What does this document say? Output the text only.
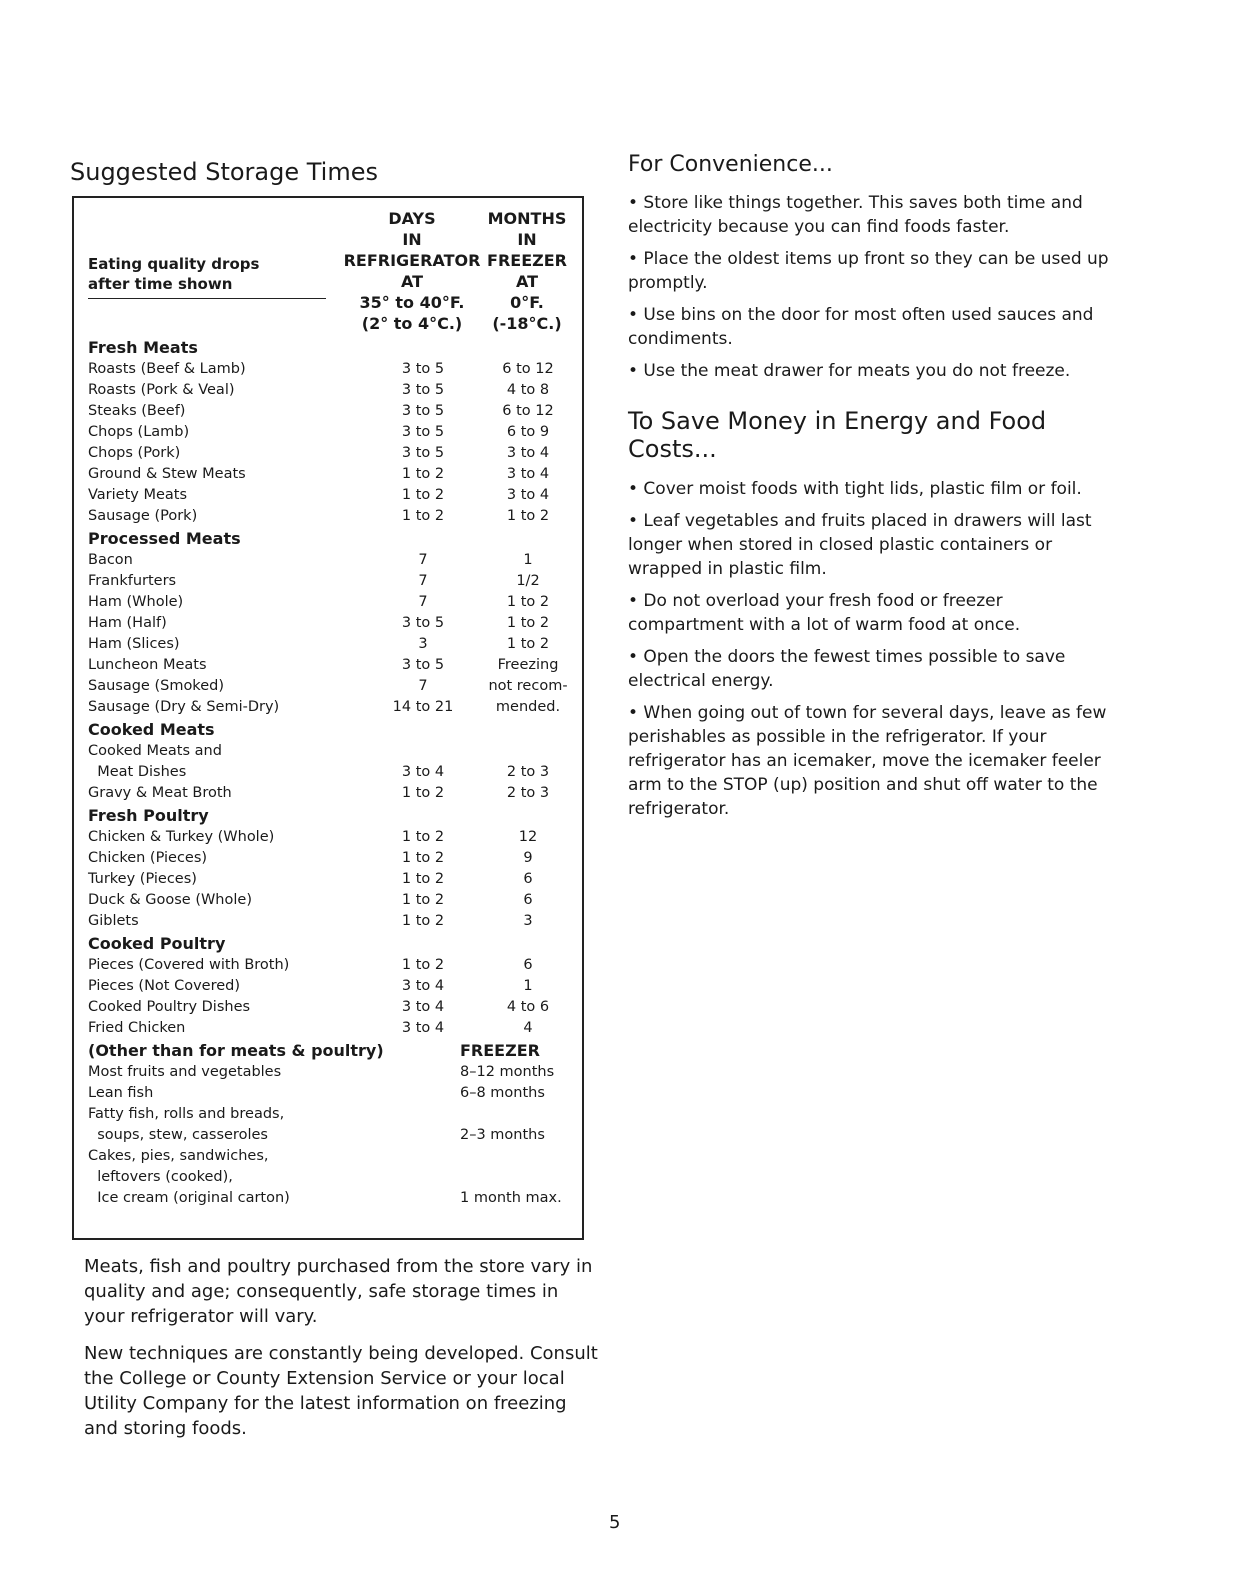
Suggested Storage Times
DAYS
IN
REFRIGERATOR
AT
35° to 40°F.
(2° to 4°C.)
MONTHS
IN
FREEZER
AT
0°F.
(-18°C.)
Eating quality drops
after time shown
Fresh Meats
Roasts (Beef & Lamb)	3 to 5	6 to 12
Roasts (Pork & Veal)	3 to 5	4 to 8
Steaks (Beef)	3 to 5	6 to 12
Chops (Lamb)	3 to 5	6 to 9
Chops (Pork)	3 to 5	3 to 4
Ground & Stew Meats	1 to 2	3 to 4
Variety Meats	1 to 2	3 to 4
Sausage (Pork)	1 to 2	1 to 2
Processed Meats
Bacon	7	1
Frankfurters	7	1/2
Ham (Whole)	7	1 to 2
Ham (Half)	3 to 5	1 to 2
Ham (Slices)	3	1 to 2
Luncheon Meats	3 to 5	Freezing
Sausage (Smoked)	7	not recom-
Sausage (Dry & Semi-Dry)	14 to 21	mended.
Cooked Meats
Cooked Meats and
Meat Dishes	3 to 4	2 to 3
Gravy & Meat Broth	1 to 2	2 to 3
Fresh Poultry
Chicken & Turkey (Whole)	1 to 2	12
Chicken (Pieces)	1 to 2	9
Turkey (Pieces)	1 to 2	6
Duck & Goose (Whole)	1 to 2	6
Giblets	1 to 2	3
Cooked Poultry
Pieces (Covered with Broth)	1 to 2	6
Pieces (Not Covered)	3 to 4	1
Cooked Poultry Dishes	3 to 4	4 to 6
Fried Chicken	3 to 4	4
(Other than for meats & poultry)	FREEZER
Most fruits and vegetables	8–12 months
Lean fish	6–8 months
Fatty fish, rolls and breads,
soups, stew, casseroles	2–3 months
Cakes, pies, sandwiches,
leftovers (cooked),
Ice cream (original carton)	1 month max.

Meats, fish and poultry purchased from the store vary in quality and age; consequently, safe storage times in your refrigerator will vary.

New techniques are constantly being developed. Consult the College or County Extension Service or your local Utility Company for the latest information on freezing and storing foods.

For Convenience...

• Store like things together. This saves both time and electricity because you can find foods faster.

• Place the oldest items up front so they can be used up promptly.

• Use bins on the door for most often used sauces and condiments.

• Use the meat drawer for meats you do not freeze.

To Save Money in Energy and Food Costs...

• Cover moist foods with tight lids, plastic film or foil.

• Leaf vegetables and fruits placed in drawers will last longer when stored in closed plastic containers or wrapped in plastic film.

• Do not overload your fresh food or freezer compartment with a lot of warm food at once.

• Open the doors the fewest times possible to save electrical energy.

• When going out of town for several days, leave as few perishables as possible in the refrigerator. If your refrigerator has an icemaker, move the icemaker feeler arm to the STOP (up) position and shut off water to the refrigerator.

5
